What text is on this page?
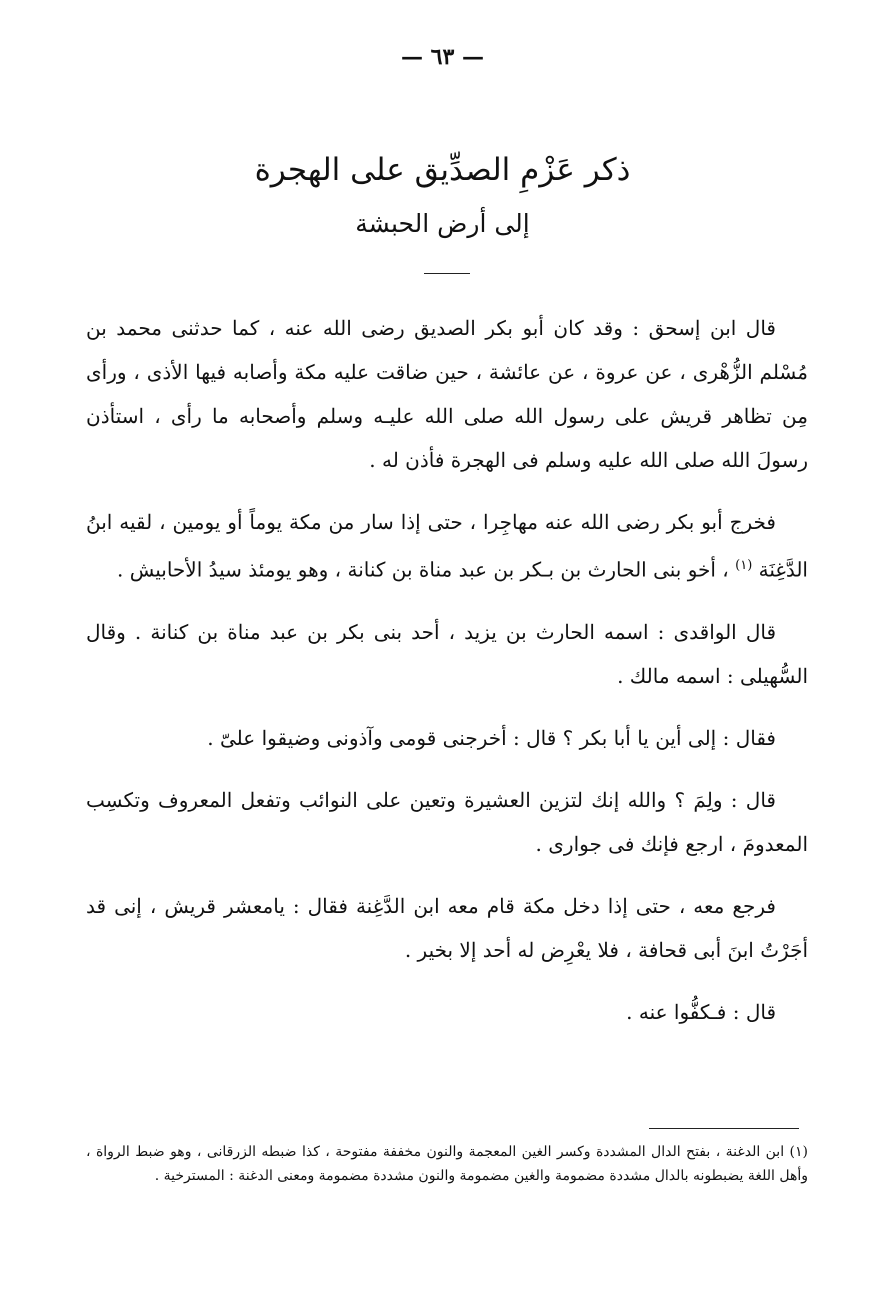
— ٦٣ —
ذكر عَزْمِ الصدِّيق على الهجرة
إلى أرض الحبشة

قال ابن إسحق : وقد كان أبو بكر الصديق رضى الله عنه ، كما حدثنى محمد بن مُسْلم الزُّهْرى ، عن عروة ، عن عائشة ، حين ضاقت عليه مكة وأصابه فيها الأذى ، ورأى مِن تظاهر قريش على رسول الله صلى الله عليـه وسلم وأصحابه ما رأى ، استأذن رسولَ الله صلى الله عليه وسلم فى الهجرة فأذن له .

فخرج أبو بكر رضى الله عنه مهاجِرا ، حتى إذا سار من مكة يوماً أو يومين ، لقيه ابنُ الدَّغِنَة $^{(١)}$ ، أخو بنى الحارث بن بـكر بن عبد مناة بن كنانة ، وهو يومئذ سيدُ الأحابيش .

قال الواقدى : اسمه الحارث بن يزيد ، أحد بنى بكر بن عبد مناة بن كنانة . وقال السُّهيلى : اسمه مالك .

فقال : إلى أين يا أبا بكر ؟ قال : أخرجنى قومى وآذونى وضيقوا علىّ .

قال : ولِمَ ؟ والله إنك لتزين العشيرة وتعين على النوائب وتفعل المعروف وتكسِب المعدومَ ، ارجع فإنك فى جوارى .

فرجع معه ، حتى إذا دخل مكة قام معه ابن الدَّغِنة فقال : يامعشر قريش ، إنى قد أجَرْتُ ابنَ أبى قحافة ، فلا يعْرِض له أحد إلا بخير .

قال : فـكفُّوا عنه .

(١) ابن الدغنة ، بفتح الدال المشددة وكسر الغين المعجمة والنون مخففة مفتوحة ، كذا ضبطه الزرقانى ، وهو ضبط الرواة ، وأهل اللغة يضبطونه بالدال مشددة مضمومة والغين مضمومة والنون مشددة مضمومة ومعنى الدغنة : المسترخية .
